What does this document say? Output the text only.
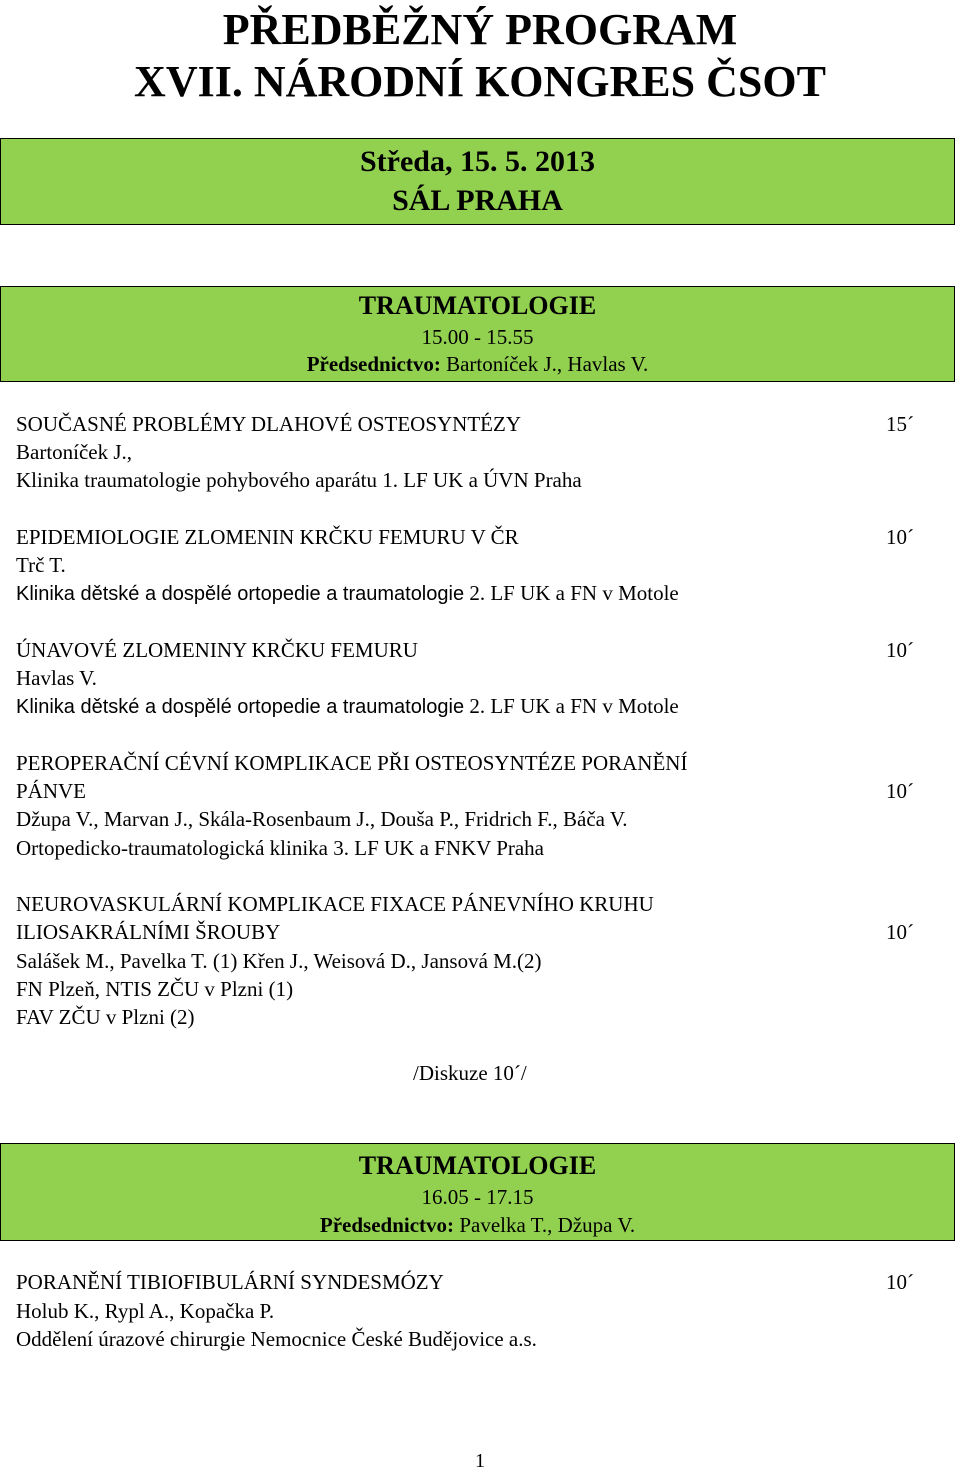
PŘEDBĚŽNÝ PROGRAM
XVII. NÁRODNÍ KONGRES ČSOT
Středa, 15. 5. 2013
SÁL PRAHA
TRAUMATOLOGIE
15.00 - 15.55
Předsednictvo: Bartoníček J., Havlas V.
SOUČASNÉ PROBLÉMY DLAHOVÉ OSTEOSYNTÉZY	15´
Bartoníček J.,
Klinika traumatologie pohybového aparátu 1. LF UK a ÚVN Praha
EPIDEMIOLOGIE ZLOMENIN KRČKU FEMURU V ČR	10´
Trč T.
Klinika dětské a dospělé ortopedie a traumatologie 2. LF UK a FN v Motole
ÚNAVOVÉ ZLOMENINY KRČKU FEMURU	10´
Havlas V.
Klinika dětské a dospělé ortopedie a traumatologie 2. LF UK a FN v Motole
PEROPERAČNÍ CÉVNÍ KOMPLIKACE PŘI OSTEOSYNTÉZE PORANĚNÍ
PÁNVE	10´
Džupa V., Marvan J., Skála-Rosenbaum J., Douša P., Fridrich F., Báča V.
Ortopedicko-traumatologická klinika 3. LF UK a FNKV Praha
NEUROVASKULÁRNÍ KOMPLIKACE FIXACE PÁNEVNÍHO KRUHU
ILIOSAKRÁLNÍMI ŠROUBY	10´
Salášek M., Pavelka T. (1) Křen J., Weisová D., Jansová M.(2)
FN Plzeň, NTIS ZČU v Plzni (1)
FAV ZČU v Plzni (2)
/Diskuze 10´/
TRAUMATOLOGIE
16.05 - 17.15
Předsednictvo: Pavelka T., Džupa V.
PORANĚNÍ TIBIOFIBULÁRNÍ SYNDESMÓZY	10´
Holub K., Rypl A., Kopačka P.
Oddělení úrazové chirurgie Nemocnice České Budějovice a.s.
1
